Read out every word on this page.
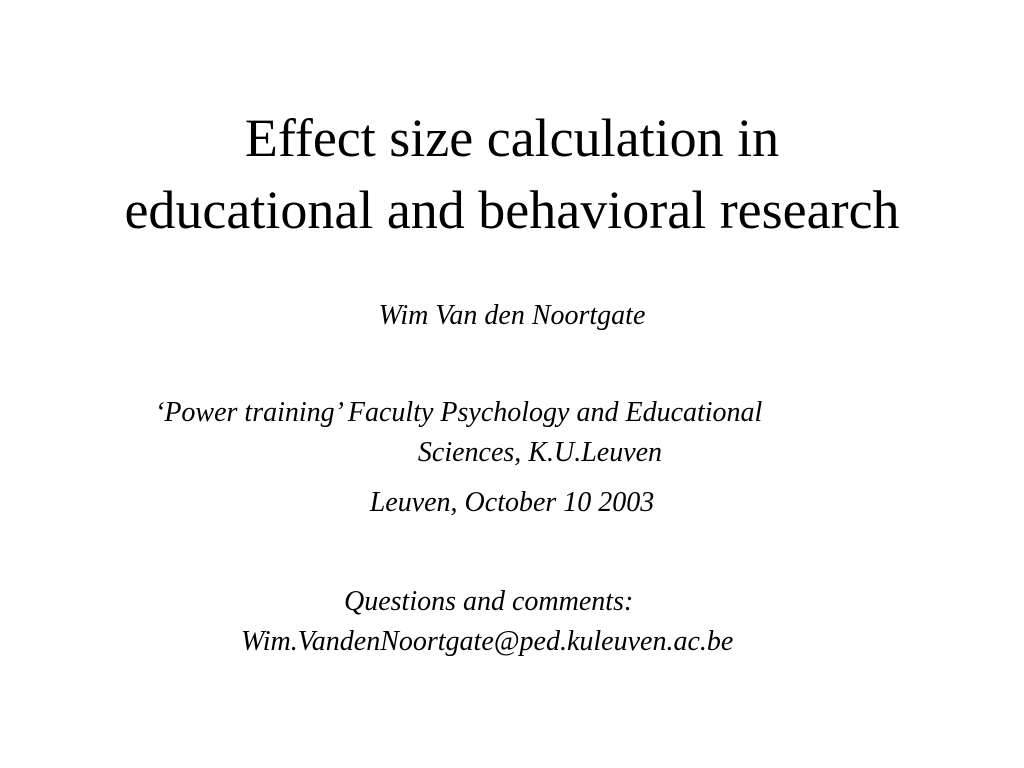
Effect size calculation in
educational and behavioral research
Wim Van den Noortgate
‘Power training’ Faculty Psychology and Educational
Sciences, K.U.Leuven
Leuven, October 10 2003
Questions and comments:
Wim.VandenNoortgate@ped.kuleuven.ac.be
